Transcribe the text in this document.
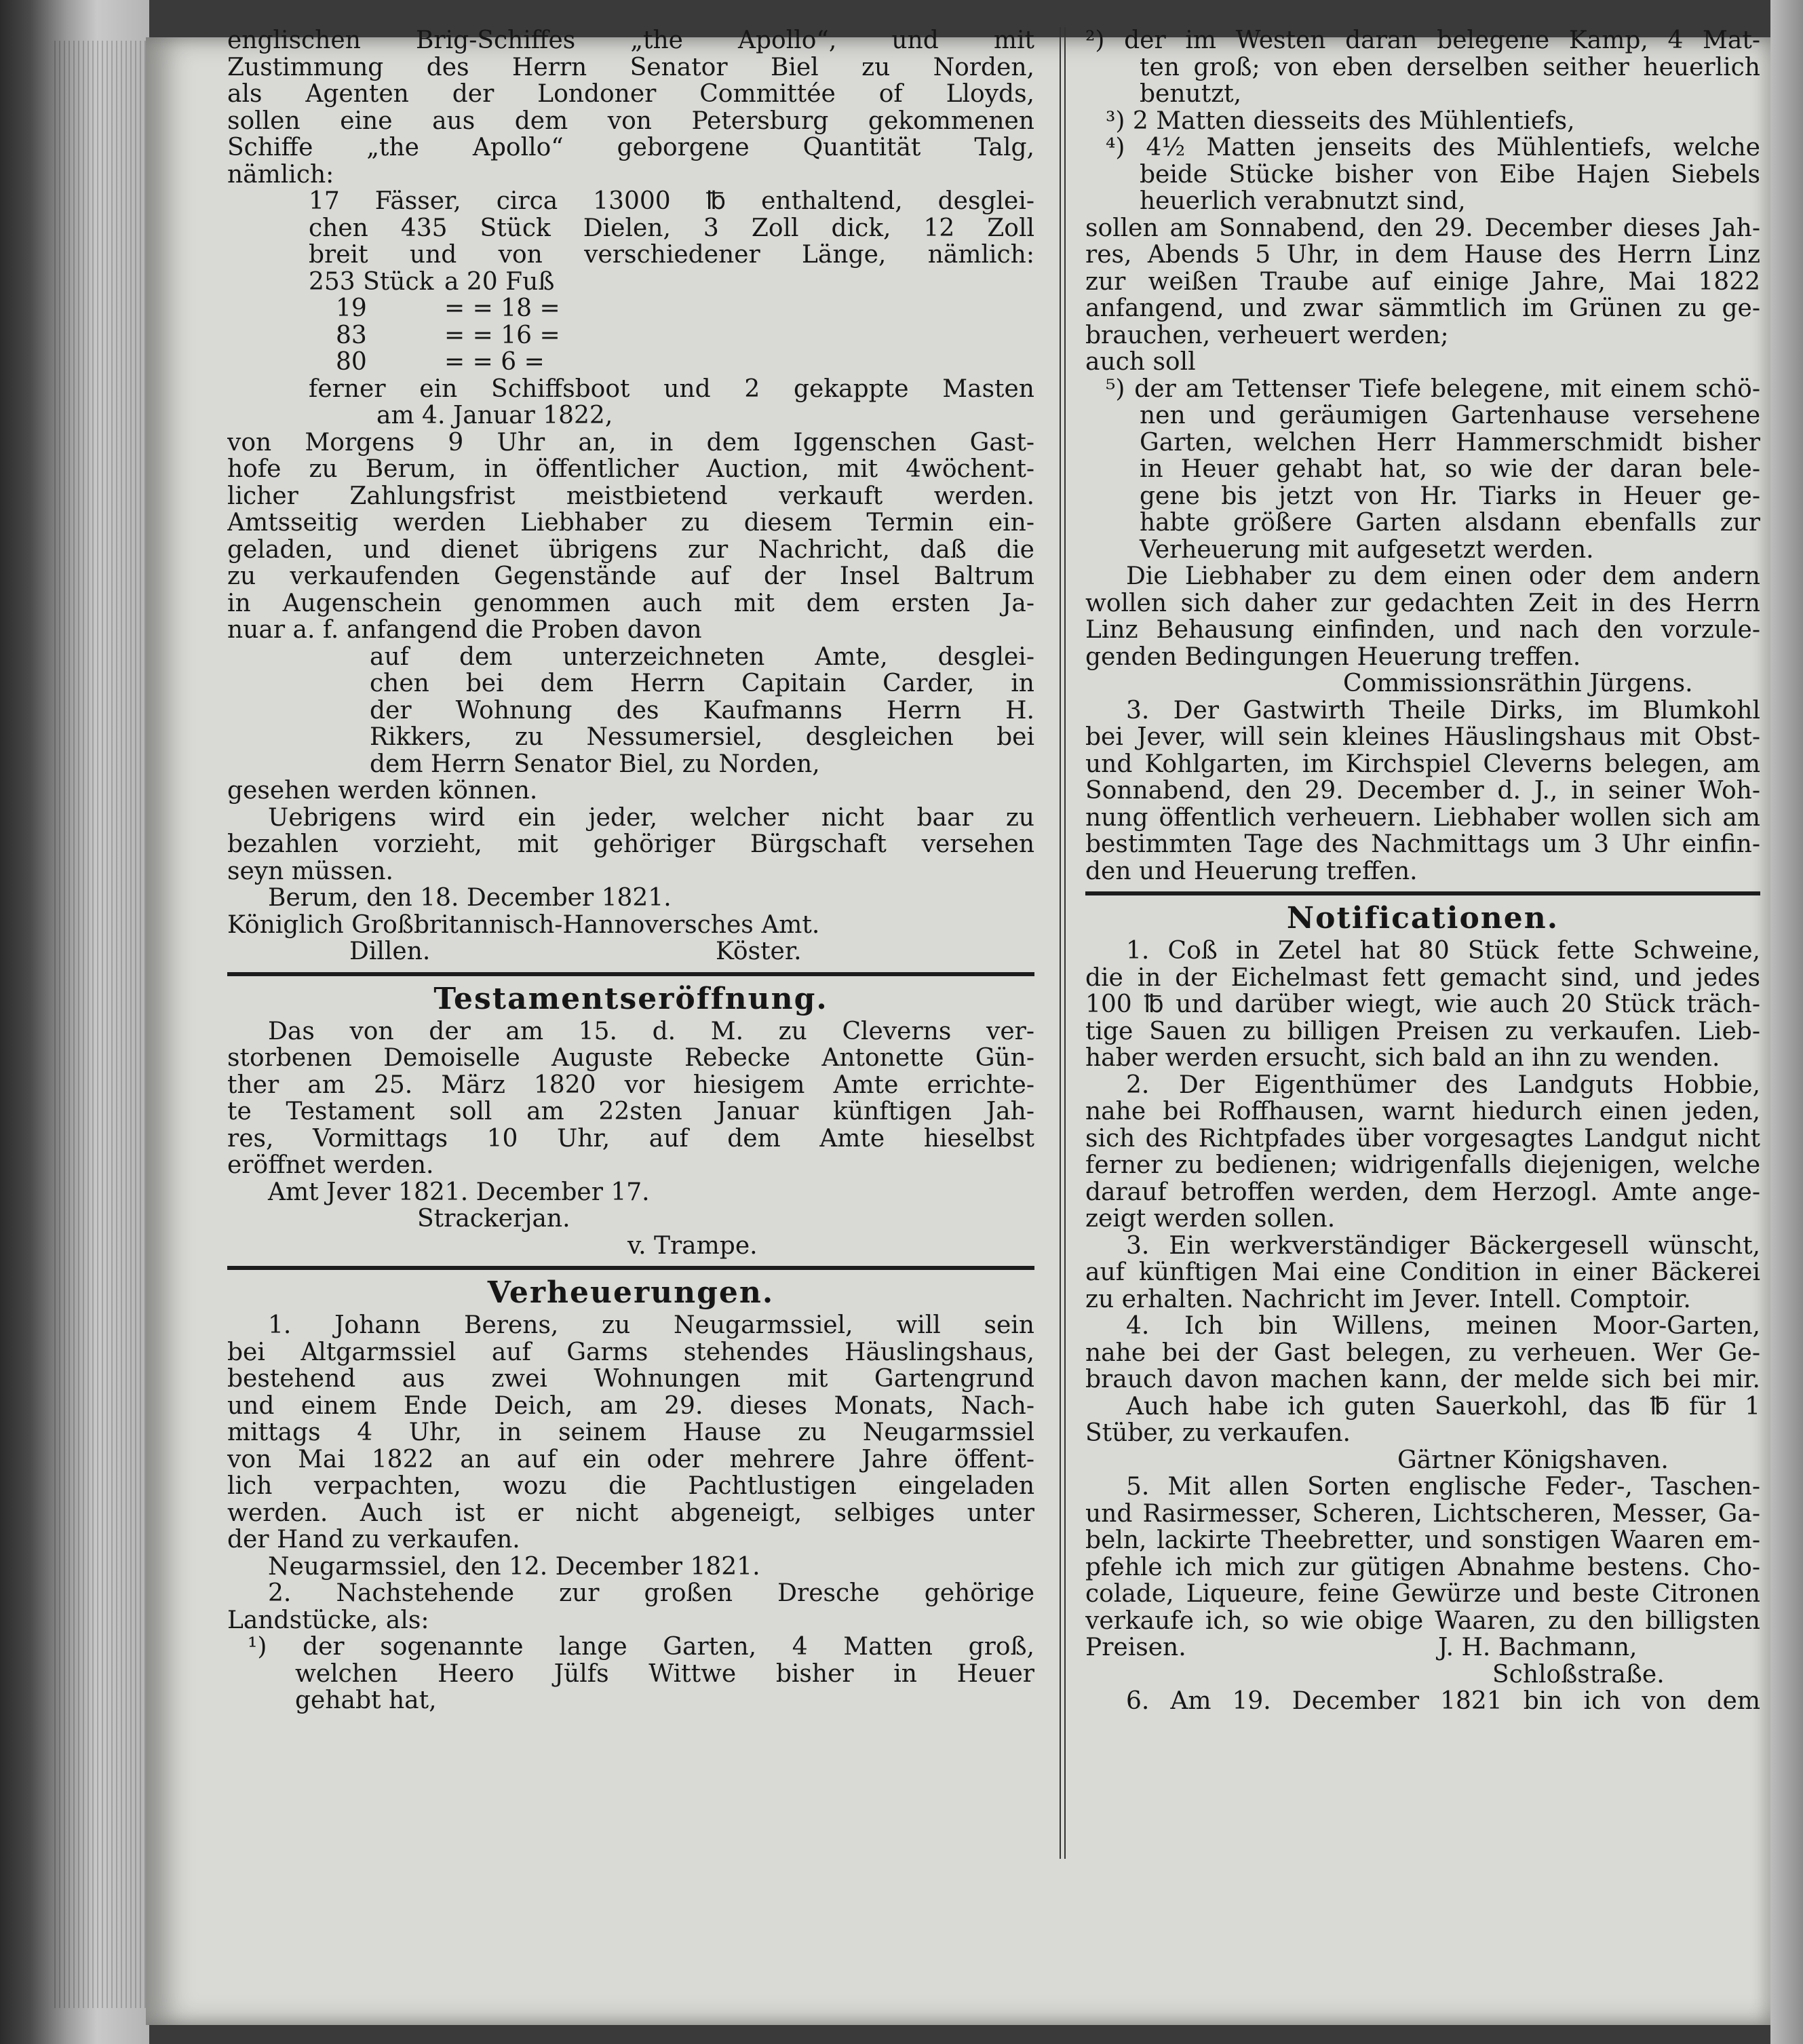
englischen Brig-Schiffes „the Apollo“, und mit
Zustimmung des Herrn Senator Biel zu Norden,
als Agenten der Londoner Committée of Lloyds,
sollen eine aus dem von Petersburg gekommenen
Schiffe „the Apollo“ geborgene Quantität Talg,
nämlich:
17 Fässer, circa 13000 ℔ enthaltend, desglei-
chen 435 Stück Dielen, 3 Zoll dick, 12 Zoll
breit und von verschiedener Länge, nämlich:
253 Stück a 20 Fuß
19	= = 18 =
83	= = 16 =
80	= = 6 =
ferner ein Schiffsboot und 2 gekappte Masten
am 4. Januar 1822,
von Morgens 9 Uhr an, in dem Iggenschen Gast-
hofe zu Berum, in öffentlicher Auction, mit 4wöchent-
licher Zahlungsfrist meistbietend verkauft werden.
Amtsseitig werden Liebhaber zu diesem Termin ein-
geladen, und dienet übrigens zur Nachricht, daß die
zu verkaufenden Gegenstände auf der Insel Baltrum
in Augenschein genommen auch mit dem ersten Ja-
nuar a. f. anfangend die Proben davon
auf dem unterzeichneten Amte, desglei-
chen bei dem Herrn Capitain Carder, in
der Wohnung des Kaufmanns Herrn H.
Rikkers, zu Nessumersiel, desgleichen bei
dem Herrn Senator Biel, zu Norden,
gesehen werden können.
Uebrigens wird ein jeder, welcher nicht baar zu
bezahlen vorzieht, mit gehöriger Bürgschaft versehen
seyn müssen.
Berum, den 18. December 1821.
Königlich Großbritannisch-Hannoversches Amt.
Dillen.	Köster.
Testamentseröffnung.
Das von der am 15. d. M. zu Cleverns ver-
storbenen Demoiselle Auguste Rebecke Antonette Gün-
ther am 25. März 1820 vor hiesigem Amte errichte-
te Testament soll am 22sten Januar künftigen Jah-
res, Vormittags 10 Uhr, auf dem Amte hieselbst
eröffnet werden.
Amt Jever 1821. December 17.
Strackerjan.
v. Trampe.
Verheuerungen.
1. Johann Berens, zu Neugarmssiel, will sein
bei Altgarmssiel auf Garms stehendes Häuslingshaus,
bestehend aus zwei Wohnungen mit Gartengrund
und einem Ende Deich, am 29. dieses Monats, Nach-
mittags 4 Uhr, in seinem Hause zu Neugarmssiel
von Mai 1822 an auf ein oder mehrere Jahre öffent-
lich verpachten, wozu die Pachtlustigen eingeladen
werden. Auch ist er nicht abgeneigt, selbiges unter
der Hand zu verkaufen.
Neugarmssiel, den 12. December 1821.
2. Nachstehende zur großen Dresche gehörige
Landstücke, als:
¹) der sogenannte lange Garten, 4 Matten groß,
welchen Heero Jülfs Wittwe bisher in Heuer
gehabt hat,
²) der im Westen daran belegene Kamp, 4 Mat-
ten groß; von eben derselben seither heuerlich
benutzt,
³) 2 Matten diesseits des Mühlentiefs,
⁴) 4½ Matten jenseits des Mühlentiefs, welche
beide Stücke bisher von Eibe Hajen Siebels
heuerlich verabnutzt sind,
sollen am Sonnabend, den 29. December dieses Jah-
res, Abends 5 Uhr, in dem Hause des Herrn Linz
zur weißen Traube auf einige Jahre, Mai 1822
anfangend, und zwar sämmtlich im Grünen zu ge-
brauchen, verheuert werden;
auch soll
⁵) der am Tettenser Tiefe belegene, mit einem schö-
nen und geräumigen Gartenhause versehene
Garten, welchen Herr Hammerschmidt bisher
in Heuer gehabt hat, so wie der daran bele-
gene bis jetzt von Hr. Tiarks in Heuer ge-
habte größere Garten alsdann ebenfalls zur
Verheuerung mit aufgesetzt werden.
Die Liebhaber zu dem einen oder dem andern
wollen sich daher zur gedachten Zeit in des Herrn
Linz Behausung einfinden, und nach den vorzule-
genden Bedingungen Heuerung treffen.
Commissionsräthin Jürgens.
3. Der Gastwirth Theile Dirks, im Blumkohl
bei Jever, will sein kleines Häuslingshaus mit Obst-
und Kohlgarten, im Kirchspiel Cleverns belegen, am
Sonnabend, den 29. December d. J., in seiner Woh-
nung öffentlich verheuern. Liebhaber wollen sich am
bestimmten Tage des Nachmittags um 3 Uhr einfin-
den und Heuerung treffen.
Notificationen.
1. Coß in Zetel hat 80 Stück fette Schweine,
die in der Eichelmast fett gemacht sind, und jedes
100 ℔ und darüber wiegt, wie auch 20 Stück träch-
tige Sauen zu billigen Preisen zu verkaufen. Lieb-
haber werden ersucht, sich bald an ihn zu wenden.
2. Der Eigenthümer des Landguts Hobbie,
nahe bei Roffhausen, warnt hiedurch einen jeden,
sich des Richtpfades über vorgesagtes Landgut nicht
ferner zu bedienen; widrigenfalls diejenigen, welche
darauf betroffen werden, dem Herzogl. Amte ange-
zeigt werden sollen.
3. Ein werkverständiger Bäckergesell wünscht,
auf künftigen Mai eine Condition in einer Bäckerei
zu erhalten. Nachricht im Jever. Intell. Comptoir.
4. Ich bin Willens, meinen Moor-Garten,
nahe bei der Gast belegen, zu verheuen. Wer Ge-
brauch davon machen kann, der melde sich bei mir.
Auch habe ich guten Sauerkohl, das ℔ für 1
Stüber, zu verkaufen.
Gärtner Königshaven.
5. Mit allen Sorten englische Feder-, Taschen-
und Rasirmesser, Scheren, Lichtscheren, Messer, Ga-
beln, lackirte Theebretter, und sonstigen Waaren em-
pfehle ich mich zur gütigen Abnahme bestens. Cho-
colade, Liqueure, feine Gewürze und beste Citronen
verkaufe ich, so wie obige Waaren, zu den billigsten
Preisen.	J. H. Bachmann,
Schloßstraße.
6. Am 19. December 1821 bin ich von dem
